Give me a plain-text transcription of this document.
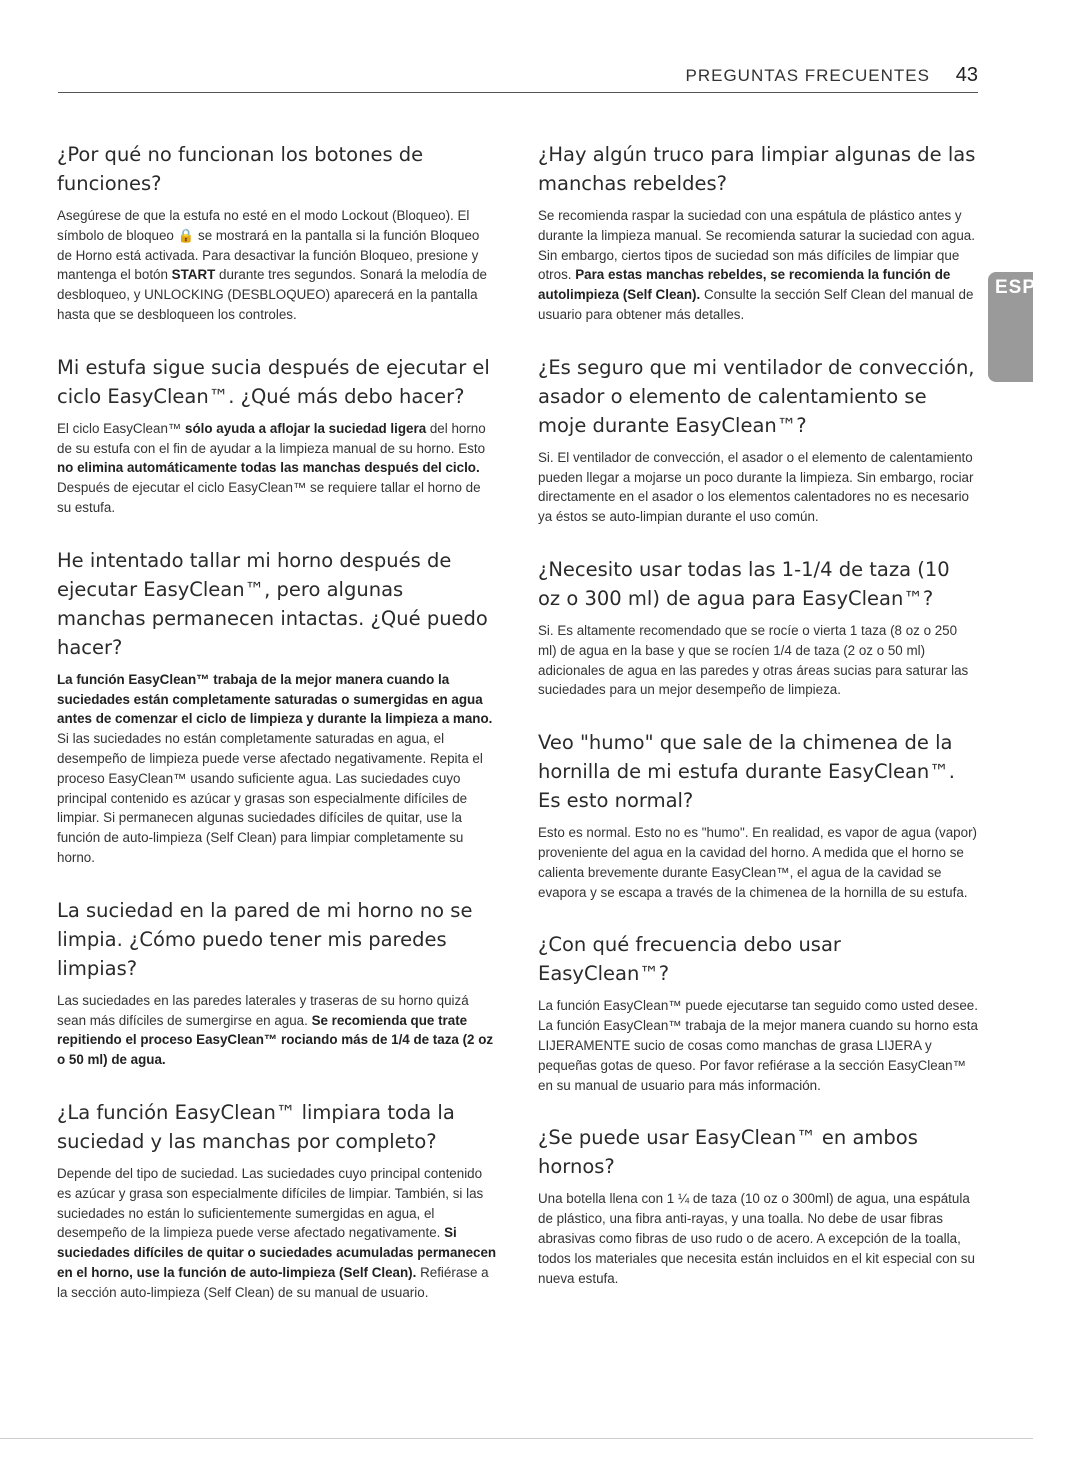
PREGUNTAS FRECUENTES 43
ESPAÑOL
¿Por qué no funcionan los botones de funciones?

Asegúrese de que la estufa no esté en el modo Lockout (Bloqueo). El símbolo de bloqueo 🔒 se mostrará en la pantalla si la función Bloqueo de Horno está activada. Para desactivar la función Bloqueo, presione y mantenga el botón START durante tres segundos. Sonará la melodía de desbloqueo, y UNLOCKING (DESBLOQUEO) aparecerá en la pantalla hasta que se desbloqueen los controles.

Mi estufa sigue sucia después de ejecutar el ciclo EasyClean™. ¿Qué más debo hacer?

El ciclo EasyClean™ sólo ayuda a aflojar la suciedad ligera del horno de su estufa con el fin de ayudar a la limpieza manual de su horno. Esto no elimina automáticamente todas las manchas después del ciclo. Después de ejecutar el ciclo EasyClean™ se requiere tallar el horno de su estufa.

He intentado tallar mi horno después de ejecutar EasyClean™, pero algunas manchas permanecen intactas. ¿Qué puedo hacer?

La función EasyClean™ trabaja de la mejor manera cuando la suciedades están completamente saturadas o sumergidas en agua antes de comenzar el ciclo de limpieza y durante la limpieza a mano. Si las suciedades no están completamente saturadas en agua, el desempeño de limpieza puede verse afectado negativamente. Repita el proceso EasyClean™ usando suficiente agua. Las suciedades cuyo principal contenido es azúcar y grasas son especialmente difíciles de limpiar. Si permanecen algunas suciedades difíciles de quitar, use la función de auto-limpieza (Self Clean) para limpiar completamente su horno.

La suciedad en la pared de mi horno no se limpia. ¿Cómo puedo tener mis paredes limpias?

Las suciedades en las paredes laterales y traseras de su horno quizá sean más difíciles de sumergirse en agua. Se recomienda que trate repitiendo el proceso EasyClean™ rociando más de 1/4 de taza (2 oz o 50 ml) de agua.

¿La función EasyClean™ limpiara toda la suciedad y las manchas por completo?

Depende del tipo de suciedad. Las suciedades cuyo principal contenido es azúcar y grasa son especialmente difíciles de limpiar. También, si las suciedades no están lo suficientemente sumergidas en agua, el desempeño de la limpieza puede verse afectado negativamente. Si suciedades difíciles de quitar o suciedades acumuladas permanecen en el horno, use la función de auto-limpieza (Self Clean). Refiérase a la sección auto-limpieza (Self Clean) de su manual de usuario.

¿Hay algún truco para limpiar algunas de las manchas rebeldes?

Se recomienda raspar la suciedad con una espátula de plástico antes y durante la limpieza manual. Se recomienda saturar la suciedad con agua. Sin embargo, ciertos tipos de suciedad son más difíciles de limpiar que otros. Para estas manchas rebeldes, se recomienda la función de autolimpieza (Self Clean). Consulte la sección Self Clean del manual de usuario para obtener más detalles.

¿Es seguro que mi ventilador de convección, asador o elemento de calentamiento se moje durante EasyClean™?

Si. El ventilador de convección, el asador o el elemento de calentamiento pueden llegar a mojarse un poco durante la limpieza. Sin embargo, rociar directamente en el asador o los elementos calentadores no es necesario ya éstos se auto-limpian durante el uso común.

¿Necesito usar todas las 1-1/4 de taza (10 oz o 300 ml) de agua para EasyClean™?

Si. Es altamente recomendado que se rocíe o vierta 1 taza (8 oz o 250 ml) de agua en la base y que se rocíen 1/4 de taza (2 oz o 50 ml) adicionales de agua en las paredes y otras áreas sucias para saturar las suciedades para un mejor desempeño de limpieza.

Veo "humo" que sale de la chimenea de la hornilla de mi estufa durante EasyClean™. Es esto normal?

Esto es normal. Esto no es "humo". En realidad, es vapor de agua (vapor) proveniente del agua en la cavidad del horno. A medida que el horno se calienta brevemente durante EasyClean™, el agua de la cavidad se evapora y se escapa a través de la chimenea de la hornilla de su estufa.

¿Con qué frecuencia debo usar EasyClean™?

La función EasyClean™ puede ejecutarse tan seguido como usted desee. La función EasyClean™ trabaja de la mejor manera cuando su horno esta LIJERAMENTE sucio de cosas como manchas de grasa LIJERA y pequeñas gotas de queso. Por favor refiérase a la sección EasyClean™ en su manual de usuario para más información.

¿Se puede usar EasyClean™ en ambos hornos?

Una botella llena con 1 ¼ de taza (10 oz o 300ml) de agua, una espátula de plástico, una fibra anti-rayas, y una toalla. No debe de usar fibras abrasivas como fibras de uso rudo o de acero. A excepción de la toalla, todos los materiales que necesita están incluidos en el kit especial con su nueva estufa.
